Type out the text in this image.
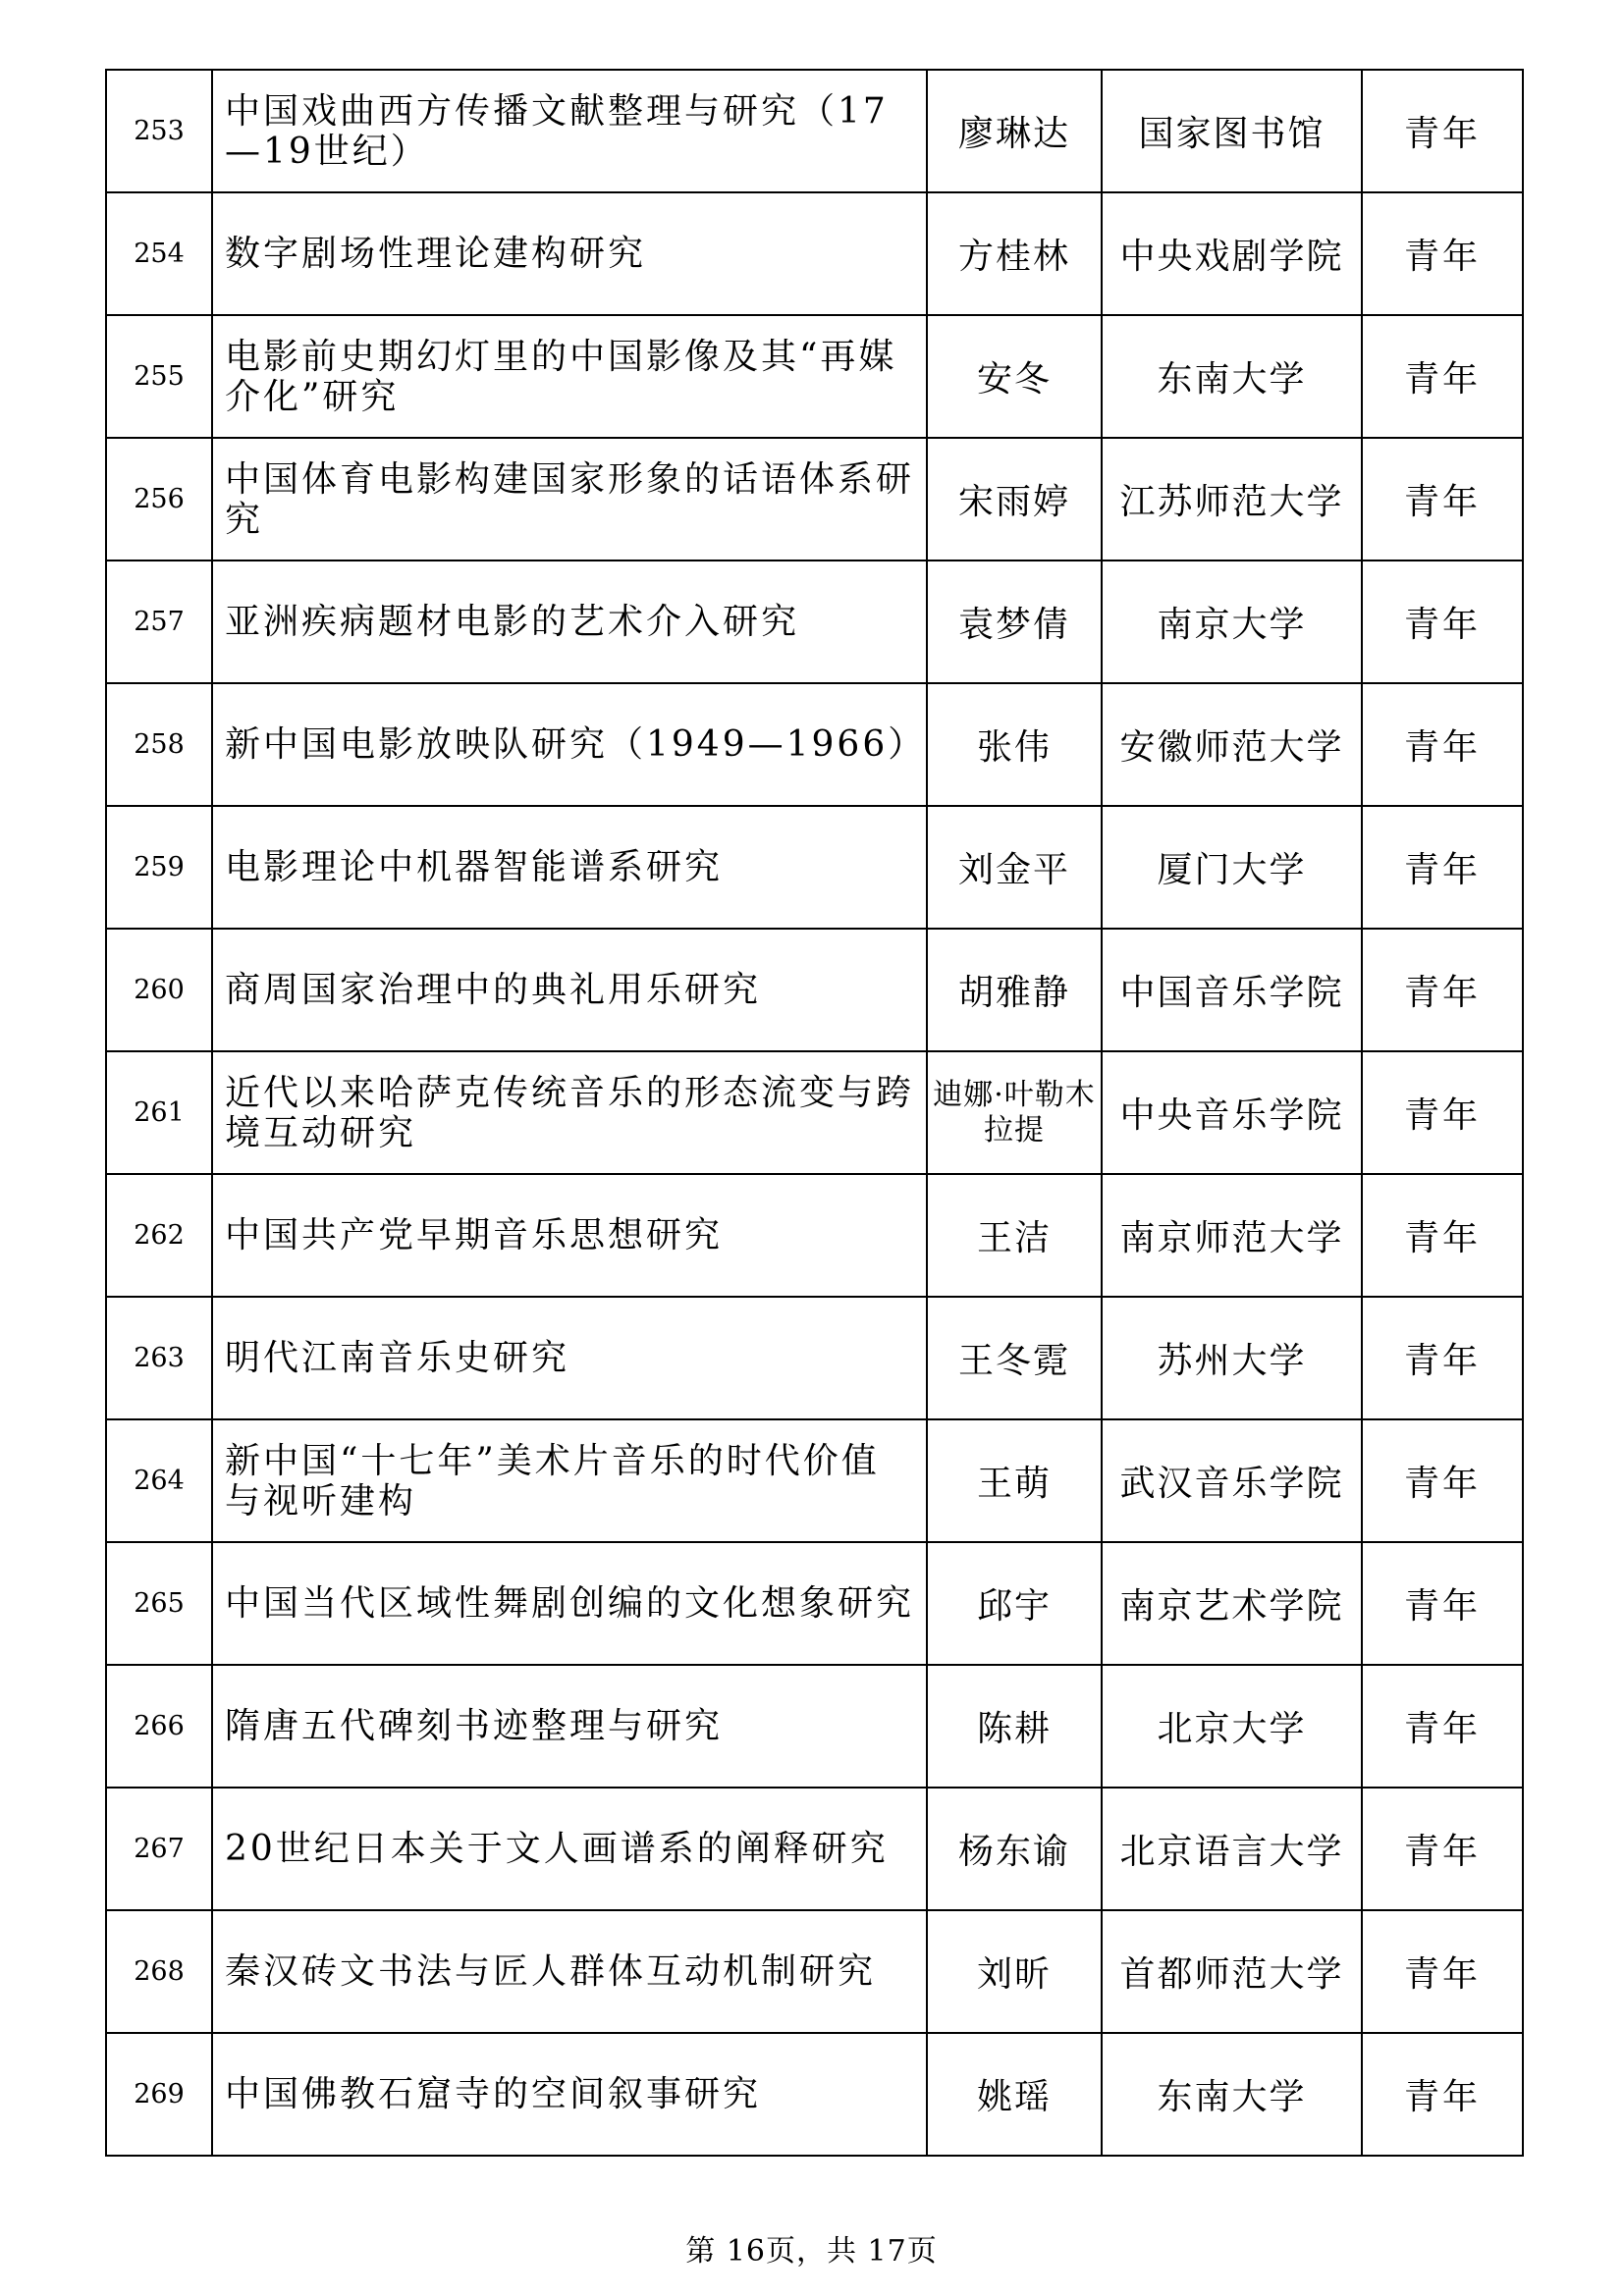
253	中国戏曲西方传播文献整理与研究（17—19世纪）	廖琳达	国家图书馆	青年
254	数字剧场性理论建构研究	方桂林	中央戏剧学院	青年
255	电影前史期幻灯里的中国影像及其“再媒介化”研究	安冬	东南大学	青年
256	中国体育电影构建国家形象的话语体系研究	宋雨婷	江苏师范大学	青年
257	亚洲疾病题材电影的艺术介入研究	袁梦倩	南京大学	青年
258	新中国电影放映队研究（1949—1966）	张伟	安徽师范大学	青年
259	电影理论中机器智能谱系研究	刘金平	厦门大学	青年
260	商周国家治理中的典礼用乐研究	胡雅静	中国音乐学院	青年
261	近代以来哈萨克传统音乐的形态流变与跨境互动研究	迪娜·叶勒木拉提	中央音乐学院	青年
262	中国共产党早期音乐思想研究	王洁	南京师范大学	青年
263	明代江南音乐史研究	王冬霓	苏州大学	青年
264	新中国“十七年”美术片音乐的时代价值与视听建构	王萌	武汉音乐学院	青年
265	中国当代区域性舞剧创编的文化想象研究	邱宇	南京艺术学院	青年
266	隋唐五代碑刻书迹整理与研究	陈耕	北京大学	青年
267	20世纪日本关于文人画谱系的阐释研究	杨东谕	北京语言大学	青年
268	秦汉砖文书法与匠人群体互动机制研究	刘昕	首都师范大学	青年
269	中国佛教石窟寺的空间叙事研究	姚瑶	东南大学	青年
第 16页，共 17页
